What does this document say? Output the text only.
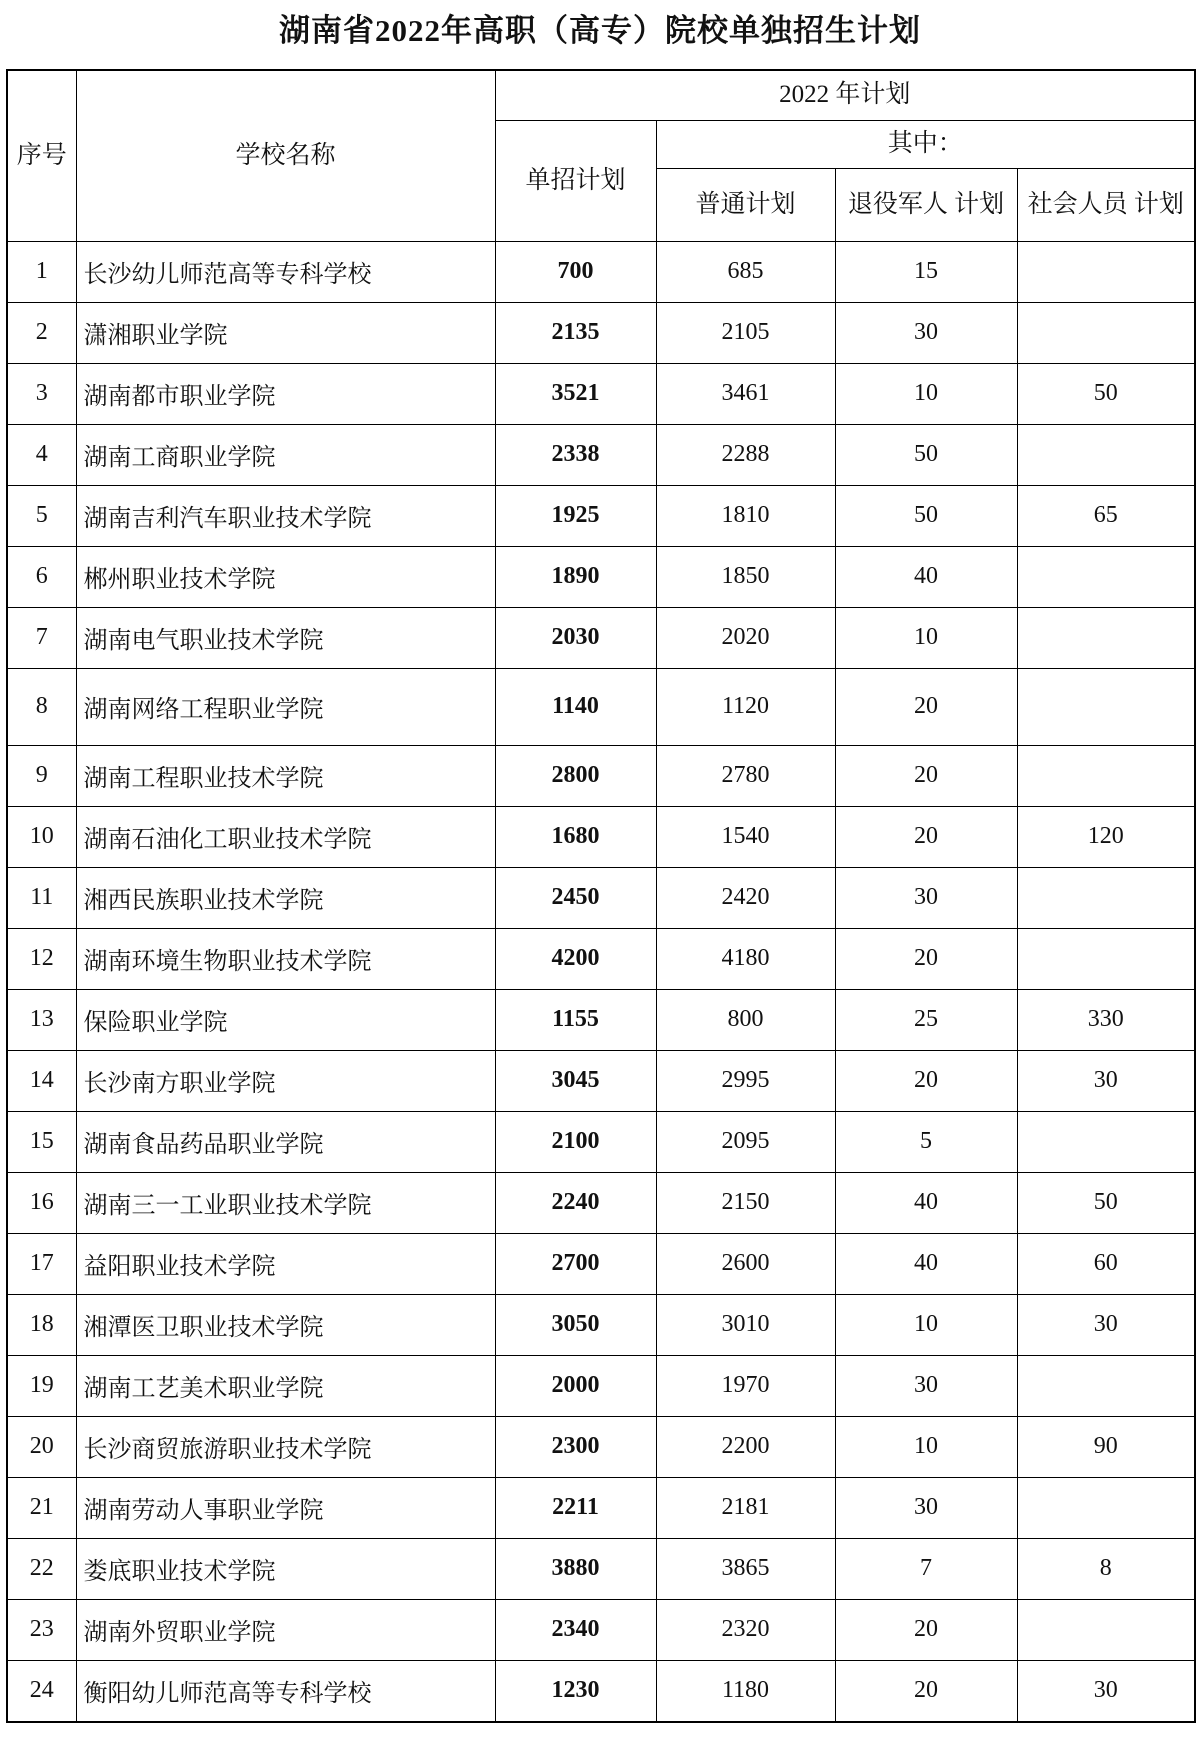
湖南省2022年高职（高专）院校单独招生计划
序号	学校名称	2022 年计划			
		单招计划	其中：		
			普通计划	退役军人 计划	社会人员 计划
1	长沙幼儿师范高等专科学校	700	685	15	
2	潇湘职业学院	2135	2105	30	
3	湖南都市职业学院	3521	3461	10	50
4	湖南工商职业学院	2338	2288	50	
5	湖南吉利汽车职业技术学院	1925	1810	50	65
6	郴州职业技术学院	1890	1850	40	
7	湖南电气职业技术学院	2030	2020	10	
8	湖南网络工程职业学院	1140	1120	20	
9	湖南工程职业技术学院	2800	2780	20	
10	湖南石油化工职业技术学院	1680	1540	20	120
11	湘西民族职业技术学院	2450	2420	30	
12	湖南环境生物职业技术学院	4200	4180	20	
13	保险职业学院	1155	800	25	330
14	长沙南方职业学院	3045	2995	20	30
15	湖南食品药品职业学院	2100	2095	5	
16	湖南三一工业职业技术学院	2240	2150	40	50
17	益阳职业技术学院	2700	2600	40	60
18	湘潭医卫职业技术学院	3050	3010	10	30
19	湖南工艺美术职业学院	2000	1970	30	
20	长沙商贸旅游职业技术学院	2300	2200	10	90
21	湖南劳动人事职业学院	2211	2181	30	
22	娄底职业技术学院	3880	3865	7	8
23	湖南外贸职业学院	2340	2320	20	
24	衡阳幼儿师范高等专科学校	1230	1180	20	30
